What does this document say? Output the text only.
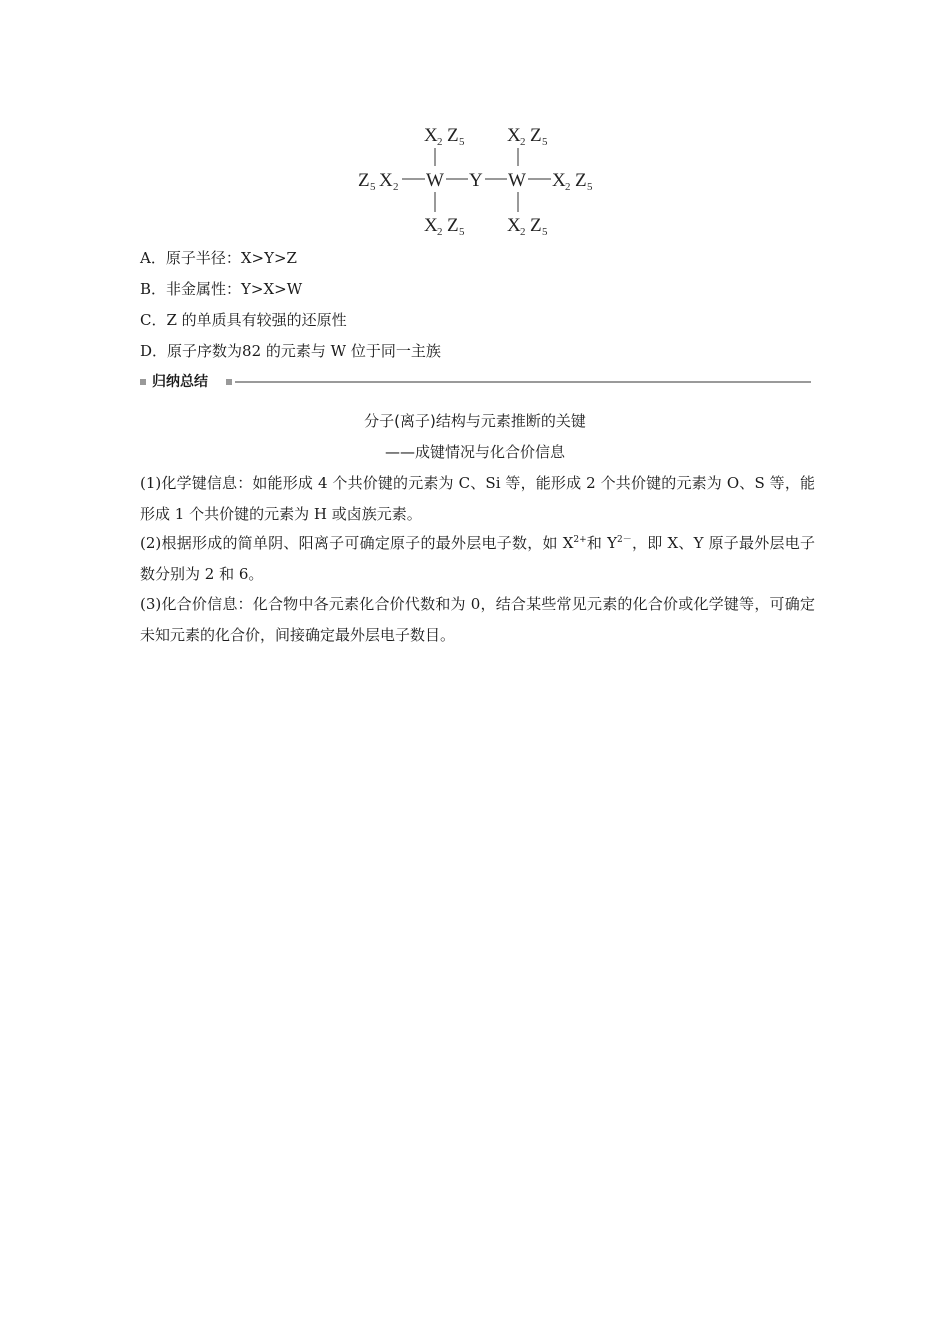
X 2 Z 5 X 2 Z 5
Z 5 X 2 W Y W X 2 Z 5
X 2 Z 5 X 2 Z 5
A．原子半径：X>Y>Z
B．非金属性：Y>X>W
C．Z 的单质具有较强的还原性
D．原子序数为82 的元素与 W 位于同一主族
归纳总结
分子(离子)结构与元素推断的关键
——成键情况与化合价信息
(1)化学键信息：如能形成 4 个共价键的元素为 C、Si 等，能形成 2 个共价键的元素为 O、S 等，能形成 1 个共价键的元素为 H 或卤族元素。
(2)根据形成的简单阴、阳离子可确定原子的最外层电子数，如 $X^{2+}$和 $Y^{2-}$，即 X、Y 原子最外层电子数分别为 2 和 6。
(3)化合价信息：化合物中各元素化合价代数和为 0，结合某些常见元素的化合价或化学键等，可确定未知元素的化合价，间接确定最外层电子数目。
